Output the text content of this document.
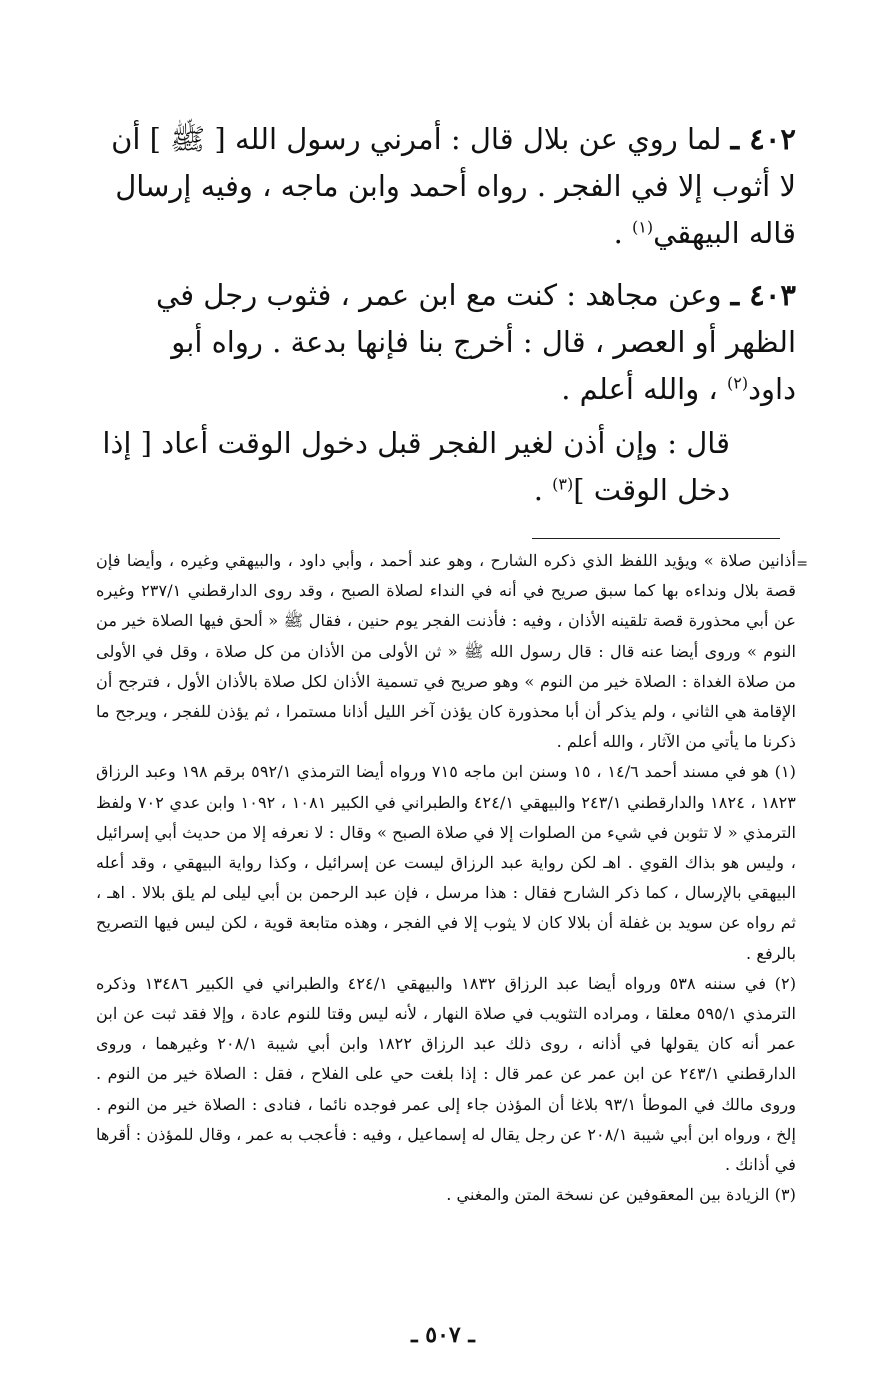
٤٠٢ ـ لما روي عن بلال قال : أمرني رسول الله [ ﷺ ] أن لا أثوب إلا في الفجر . رواه أحمد وابن ماجه ، وفيه إرسال قاله البيهقي$^{(١)}$ .

٤٠٣ ـ وعن مجاهد : كنت مع ابن عمر ، فثوب رجل في الظهر أو العصر ، قال : أخرج بنا فإنها بدعة . رواه أبو داود$^{(٢)}$ ، والله أعلم .

قال : وإن أذن لغير الفجر قبل دخول الوقت أعاد [ إذا دخل الوقت ]$^{(٣)}$ .

=

أذانين صلاة » ويؤيد اللفظ الذي ذكره الشارح ، وهو عند أحمد ، وأبي داود ، والبيهقي وغيره ، وأيضا فإن قصة بلال ونداءه بها كما سبق صريح في أنه في النداء لصلاة الصبح ، وقد روى الدارقطني ٢٣٧/١ وغيره عن أبي محذورة قصة تلقينه الأذان ، وفيه : فأذنت الفجر يوم حنين ، فقال ﷺ « ألحق فيها الصلاة خير من النوم » وروى أيضا عنه قال : قال رسول الله ﷺ « ثن الأولى من الأذان من كل صلاة ، وقل في الأولى من صلاة الغداة : الصلاة خير من النوم » وهو صريح في تسمية الأذان لكل صلاة بالأذان الأول ، فترجح أن الإقامة هي الثاني ، ولم يذكر أن أبا محذورة كان يؤذن آخر الليل أذانا مستمرا ، ثم يؤذن للفجر ، ويرجح ما ذكرنا ما يأتي من الآثار ، والله أعلم .

(١) هو في مسند أحمد ١٤/٦ ، ١٥ وسنن ابن ماجه ٧١٥ ورواه أيضا الترمذي ٥٩٢/١ برقم ١٩٨ وعبد الرزاق ١٨٢٣ ، ١٨٢٤ والدارقطني ٢٤٣/١ والبيهقي ٤٢٤/١ والطبراني في الكبير ١٠٨١ ، ١٠٩٢ وابن عدي ٧٠٢ ولفظ الترمذي « لا تثوبن في شيء من الصلوات إلا في صلاة الصبح » وقال : لا نعرفه إلا من حديث أبي إسرائيل ، وليس هو بذاك القوي . اهـ لكن رواية عبد الرزاق ليست عن إسرائيل ، وكذا رواية البيهقي ، وقد أعله البيهقي بالإرسال ، كما ذكر الشارح فقال : هذا مرسل ، فإن عبد الرحمن بن أبي ليلى لم يلق بلالا . اهـ ، ثم رواه عن سويد بن غفلة أن بلالا كان لا يثوب إلا في الفجر ، وهذه متابعة قوية ، لكن ليس فيها التصريح بالرفع .

(٢) في سننه ٥٣٨ ورواه أيضا عبد الرزاق ١٨٣٢ والبيهقي ٤٢٤/١ والطبراني في الكبير ١٣٤٨٦ وذكره الترمذي ٥٩٥/١ معلقا ، ومراده التثويب في صلاة النهار ، لأنه ليس وقتا للنوم عادة ، وإلا فقد ثبت عن ابن عمر أنه كان يقولها في أذانه ، روى ذلك عبد الرزاق ١٨٢٢ وابن أبي شيبة ٢٠٨/١ وغيرهما ، وروى الدارقطني ٢٤٣/١ عن ابن عمر عن عمر قال : إذا بلغت حي على الفلاح ، فقل : الصلاة خير من النوم . وروى مالك في الموطأ ٩٣/١ بلاغا أن المؤذن جاء إلى عمر فوجده نائما ، فنادى : الصلاة خير من النوم . إلخ ، ورواه ابن أبي شيبة ٢٠٨/١ عن رجل يقال له إسماعيل ، وفيه : فأعجب به عمر ، وقال للمؤذن : أقرها في أذانك .

(٣) الزيادة بين المعقوفين عن نسخة المتن والمغني .

ـ ٥٠٧ ـ
